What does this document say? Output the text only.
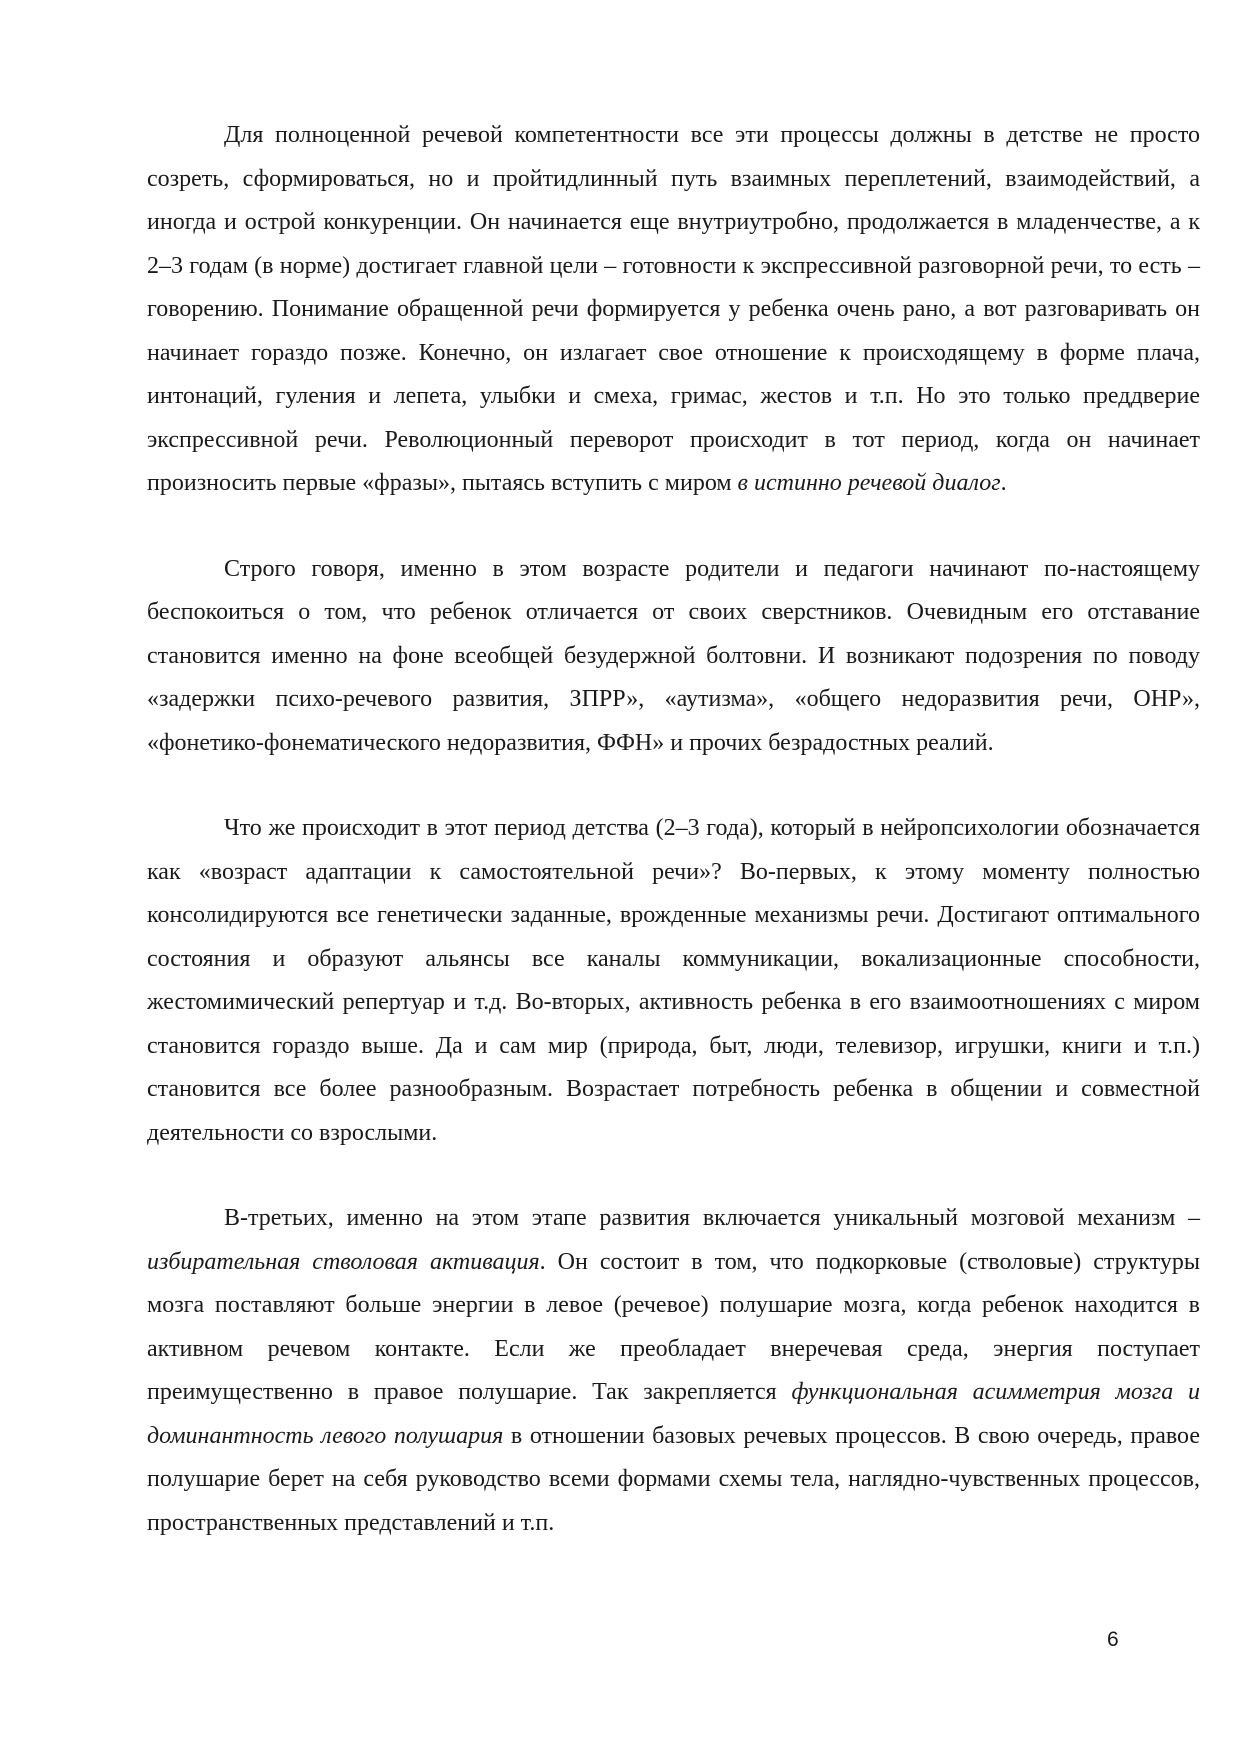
Для полноценной речевой компетентности все эти процессы должны в детстве не просто созреть, сформироваться, но и пройтидлинный путь взаимных переплетений, взаимодействий, а иногда и острой конкуренции. Он начинается еще внутриутробно, продолжается в младенчестве, а к 2–3 годам (в норме) достигает главной цели – готовности к экспрессивной разговорной речи, то есть – говорению. Понимание обращенной речи формируется у ребенка очень рано, а вот разговаривать он начинает гораздо позже. Конечно, он излагает свое отношение к происходящему в форме плача, интонаций, гуления и лепета, улыбки и смеха, гримас, жестов и т.п. Но это только преддверие экспрессивной речи. Революционный переворот происходит в тот период, когда он начинает произносить первые «фразы», пытаясь вступить с миром в истинно речевой диалог.

Строго говоря, именно в этом возрасте родители и педагоги начинают по-настоящему беспокоиться о том, что ребенок отличается от своих сверстников. Очевидным его отставание становится именно на фоне всеобщей безудержной болтовни. И возникают подозрения по поводу «задержки психо-речевого развития, ЗПРР», «аутизма», «общего недоразвития речи, ОНР», «фонетико-фонематического недоразвития, ФФН» и прочих безрадостных реалий.

Что же происходит в этот период детства (2–3 года), который в нейропсихологии обозначается как «возраст адаптации к самостоятельной речи»? Во-первых, к этому моменту полностью консолидируются все генетически заданные, врожденные механизмы речи. Достигают оптимального состояния и образуют альянсы все каналы коммуникации, вокализационные способности, жестомимический репертуар и т.д. Во-вторых, активность ребенка в его взаимоотношениях с миром становится гораздо выше. Да и сам мир (природа, быт, люди, телевизор, игрушки, книги и т.п.) становится все более разнообразным. Возрастает потребность ребенка в общении и совместной деятельности со взрослыми.

В-третьих, именно на этом этапе развития включается уникальный мозговой механизм – избирательная стволовая активация. Он состоит в том, что подкорковые (стволовые) структуры мозга поставляют больше энергии в левое (речевое) полушарие мозга, когда ребенок находится в активном речевом контакте. Если же преобладает внеречевая среда, энергия поступает преимущественно в правое полушарие. Так закрепляется функциональная асимметрия мозга и доминантность левого полушария в отношении базовых речевых процессов. В свою очередь, правое полушарие берет на себя руководство всеми формами схемы тела, наглядно-чувственных процессов, пространственных представлений и т.п.

6
